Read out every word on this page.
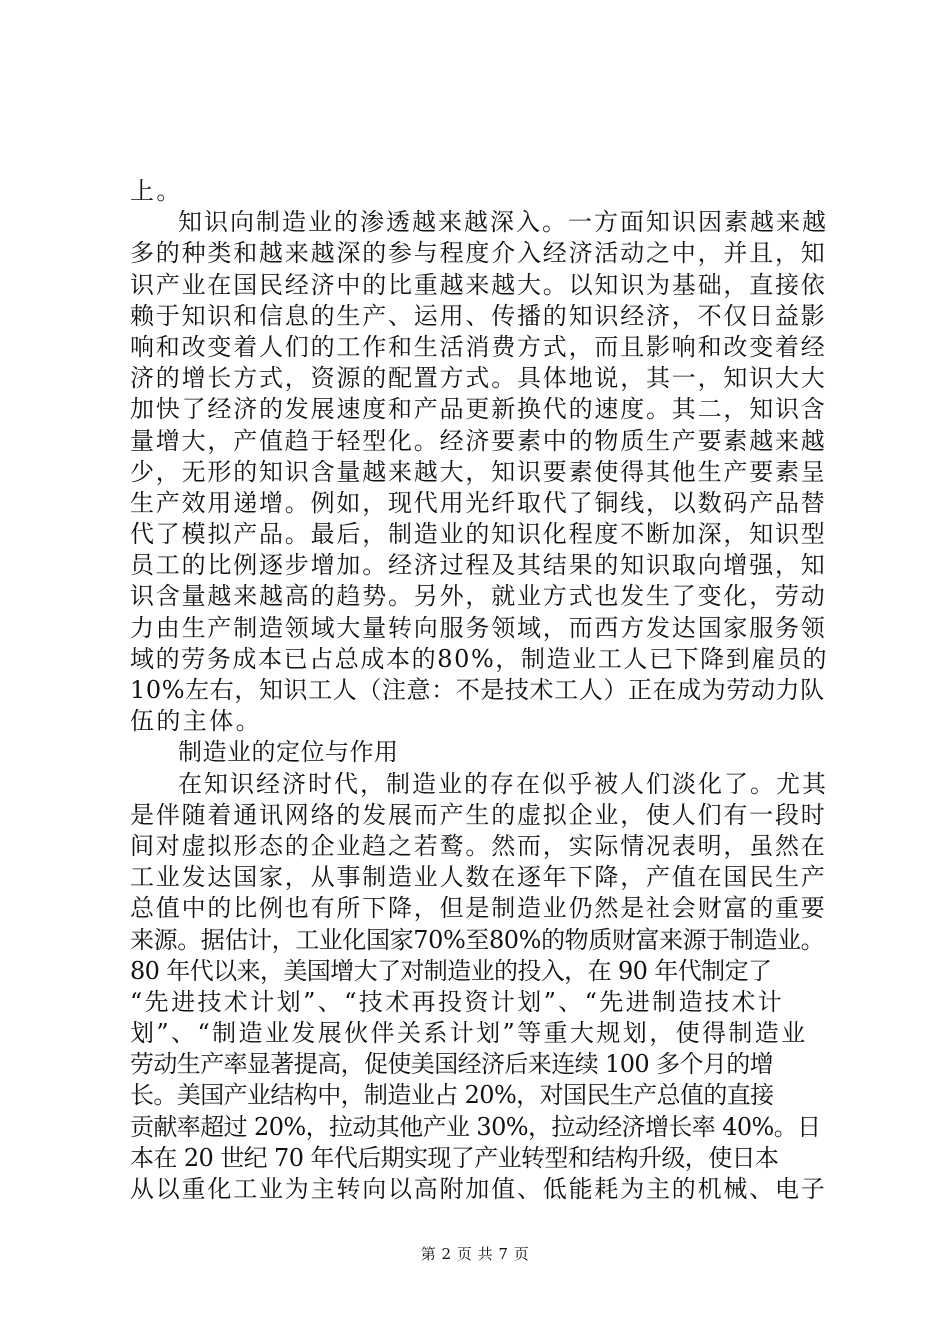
上。

知识向制造业的渗透越来越深入。一方面知识因素越来越

多的种类和越来越深的参与程度介入经济活动之中，并且，知

识产业在国民经济中的比重越来越大。以知识为基础，直接依

赖于知识和信息的生产、运用、传播的知识经济，不仅日益影

响和改变着人们的工作和生活消费方式，而且影响和改变着经

济的增长方式，资源的配置方式。具体地说，其一，知识大大

加快了经济的发展速度和产品更新换代的速度。其二，知识含

量增大，产值趋于轻型化。经济要素中的物质生产要素越来越

少，无形的知识含量越来越大，知识要素使得其他生产要素呈

生产效用递增。例如，现代用光纤取代了铜线，以数码产品替

代了模拟产品。最后，制造业的知识化程度不断加深，知识型

员工的比例逐步增加。经济过程及其结果的知识取向增强，知

识含量越来越高的趋势。另外，就业方式也发生了变化，劳动

力由生产制造领域大量转向服务领域，而西方发达国家服务领

域的劳务成本已占总成本的80%，制造业工人已下降到雇员的

10%左右，知识工人（注意：不是技术工人）正在成为劳动力队

伍的主体。

制造业的定位与作用

在知识经济时代，制造业的存在似乎被人们淡化了。尤其

是伴随着通讯网络的发展而产生的虚拟企业，使人们有一段时

间对虚拟形态的企业趋之若鹜。然而，实际情况表明，虽然在

工业发达国家，从事制造业人数在逐年下降，产值在国民生产

总值中的比例也有所下降，但是制造业仍然是社会财富的重要

来源。据估计，工业化国家70%至80%的物质财富来源于制造业。

80 年代以来，美国增大了对制造业的投入，在 90 年代制定了

“先进技术计划”、“技术再投资计划”、“先进制造技术计

划”、“制造业发展伙伴关系计划”等重大规划，使得制造业

劳动生产率显著提高，促使美国经济后来连续 100 多个月的增

长。美国产业结构中，制造业占 20%，对国民生产总值的直接

贡献率超过 20%，拉动其他产业 30%，拉动经济增长率 40%。日

本在 20 世纪 70 年代后期实现了产业转型和结构升级，使日本

从以重化工业为主转向以高附加值、低能耗为主的机械、电子

第 2 页 共 7 页
